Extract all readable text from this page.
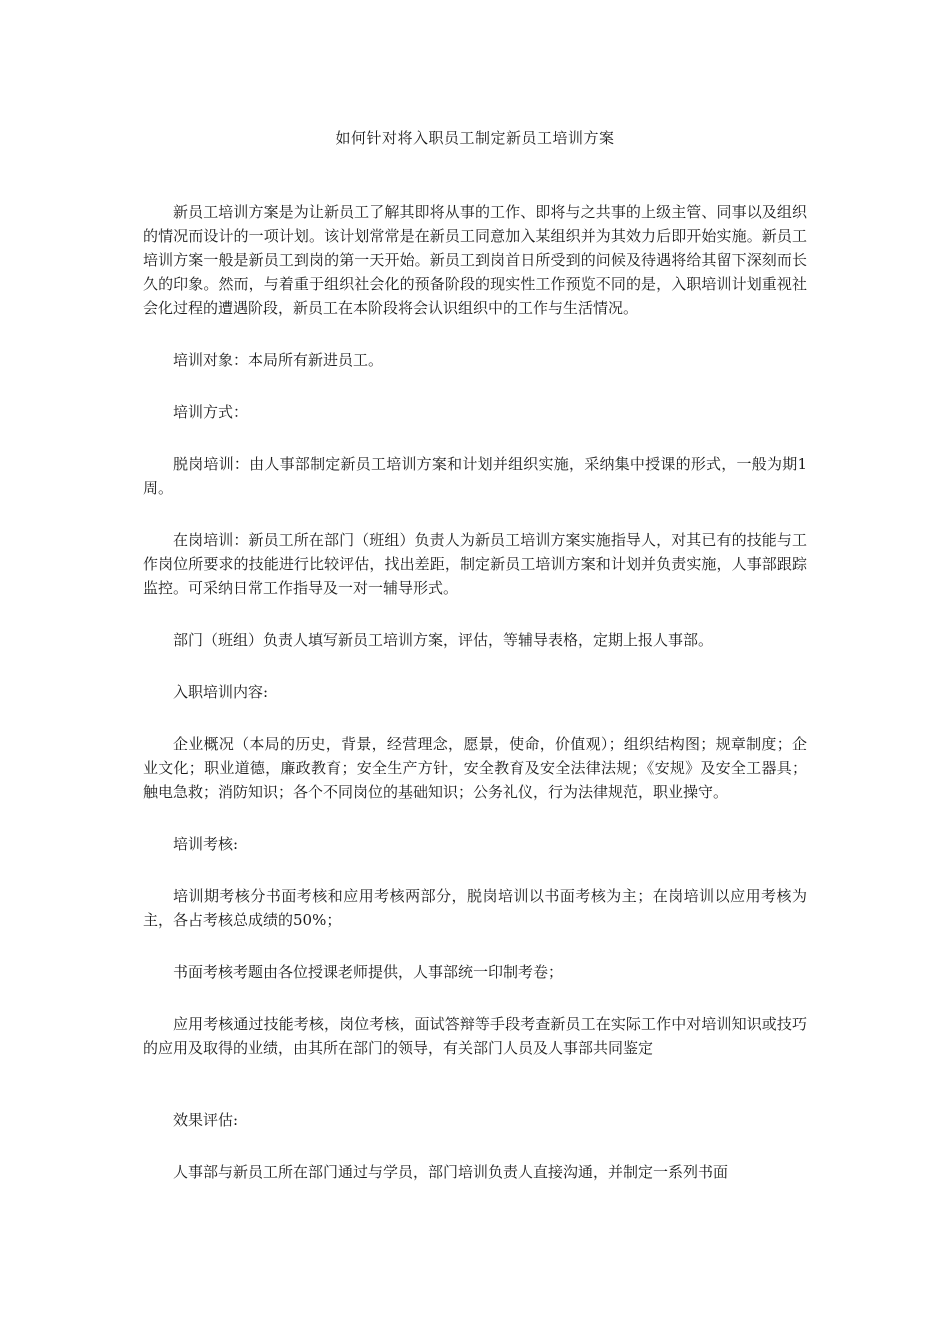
如何针对将入职员工制定新员工培训方案

新员工培训方案是为让新员工了解其即将从事的工作、即将与之共事的上级主管、同事以及组织的情况而设计的一项计划。该计划常常是在新员工同意加入某组织并为其效力后即开始实施。新员工培训方案一般是新员工到岗的第一天开始。新员工到岗首日所受到的问候及待遇将给其留下深刻而长久的印象。然而，与着重于组织社会化的预备阶段的现实性工作预览不同的是，入职培训计划重视社会化过程的遭遇阶段，新员工在本阶段将会认识组织中的工作与生活情况。

培训对象：本局所有新进员工。

培训方式：

脱岗培训：由人事部制定新员工培训方案和计划并组织实施，采纳集中授课的形式，一般为期1周。

在岗培训：新员工所在部门（班组）负责人为新员工培训方案实施指导人，对其已有的技能与工作岗位所要求的技能进行比较评估，找出差距，制定新员工培训方案和计划并负责实施，人事部跟踪监控。可采纳日常工作指导及一对一辅导形式。

部门（班组）负责人填写新员工培训方案，评估，等辅导表格，定期上报人事部。

入职培训内容:

企业概况（本局的历史，背景，经营理念，愿景，使命，价值观）；组织结构图；规章制度；企业文化；职业道德，廉政教育；安全生产方针，安全教育及安全法律法规；《安规》及安全工器具；触电急救；消防知识；各个不同岗位的基础知识；公务礼仪，行为法律规范，职业操守。

培训考核:

培训期考核分书面考核和应用考核两部分，脱岗培训以书面考核为主；在岗培训以应用考核为主，各占考核总成绩的50%；

书面考核考题由各位授课老师提供，人事部统一印制考卷；

应用考核通过技能考核，岗位考核，面试答辩等手段考查新员工在实际工作中对培训知识或技巧的应用及取得的业绩，由其所在部门的领导，有关部门人员及人事部共同鉴定

效果评估:

人事部与新员工所在部门通过与学员，部门培训负责人直接沟通，并制定一系列书面
